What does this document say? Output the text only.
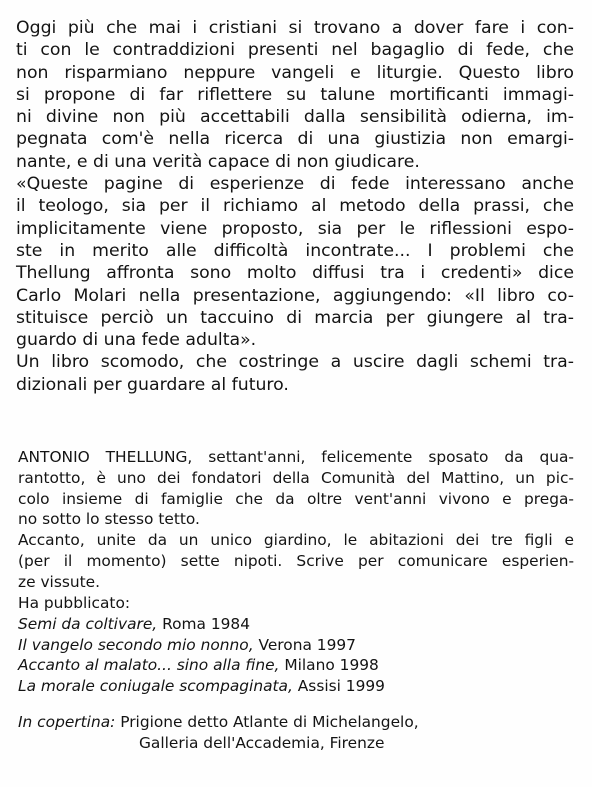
Oggi più che mai i cristiani si trovano a dover fare i con-
ti con le contraddizioni presenti nel bagaglio di fede, che
non risparmiano neppure vangeli e liturgie. Questo libro
si propone di far riflettere su talune mortificanti immagi-
ni divine non più accettabili dalla sensibilità odierna, im-
pegnata com'è nella ricerca di una giustizia non emargi-
nante, e di una verità capace di non giudicare.
«Queste pagine di esperienze di fede interessano anche
il teologo, sia per il richiamo al metodo della prassi, che
implicitamente viene proposto, sia per le riflessioni espo-
ste in merito alle difficoltà incontrate... I problemi che
Thellung affronta sono molto diffusi tra i credenti» dice
Carlo Molari nella presentazione, aggiungendo: «Il libro co-
stituisce perciò un taccuino di marcia per giungere al tra-
guardo di una fede adulta».
Un libro scomodo, che costringe a uscire dagli schemi tra-
dizionali per guardare al futuro.
ANTONIO THELLUNG, settant'anni, felicemente sposato da qua-
rantotto, è uno dei fondatori della Comunità del Mattino, un pic-
colo insieme di famiglie che da oltre vent'anni vivono e prega-
no sotto lo stesso tetto.
Accanto, unite da un unico giardino, le abitazioni dei tre figli e
(per il momento) sette nipoti. Scrive per comunicare esperien-
ze vissute.
Ha pubblicato:
Semi da coltivare, Roma 1984
Il vangelo secondo mio nonno, Verona 1997
Accanto al malato... sino alla fine, Milano 1998
La morale coniugale scompaginata, Assisi 1999
In copertina: Prigione detto Atlante di Michelangelo,
Galleria dell'Accademia, Firenze
